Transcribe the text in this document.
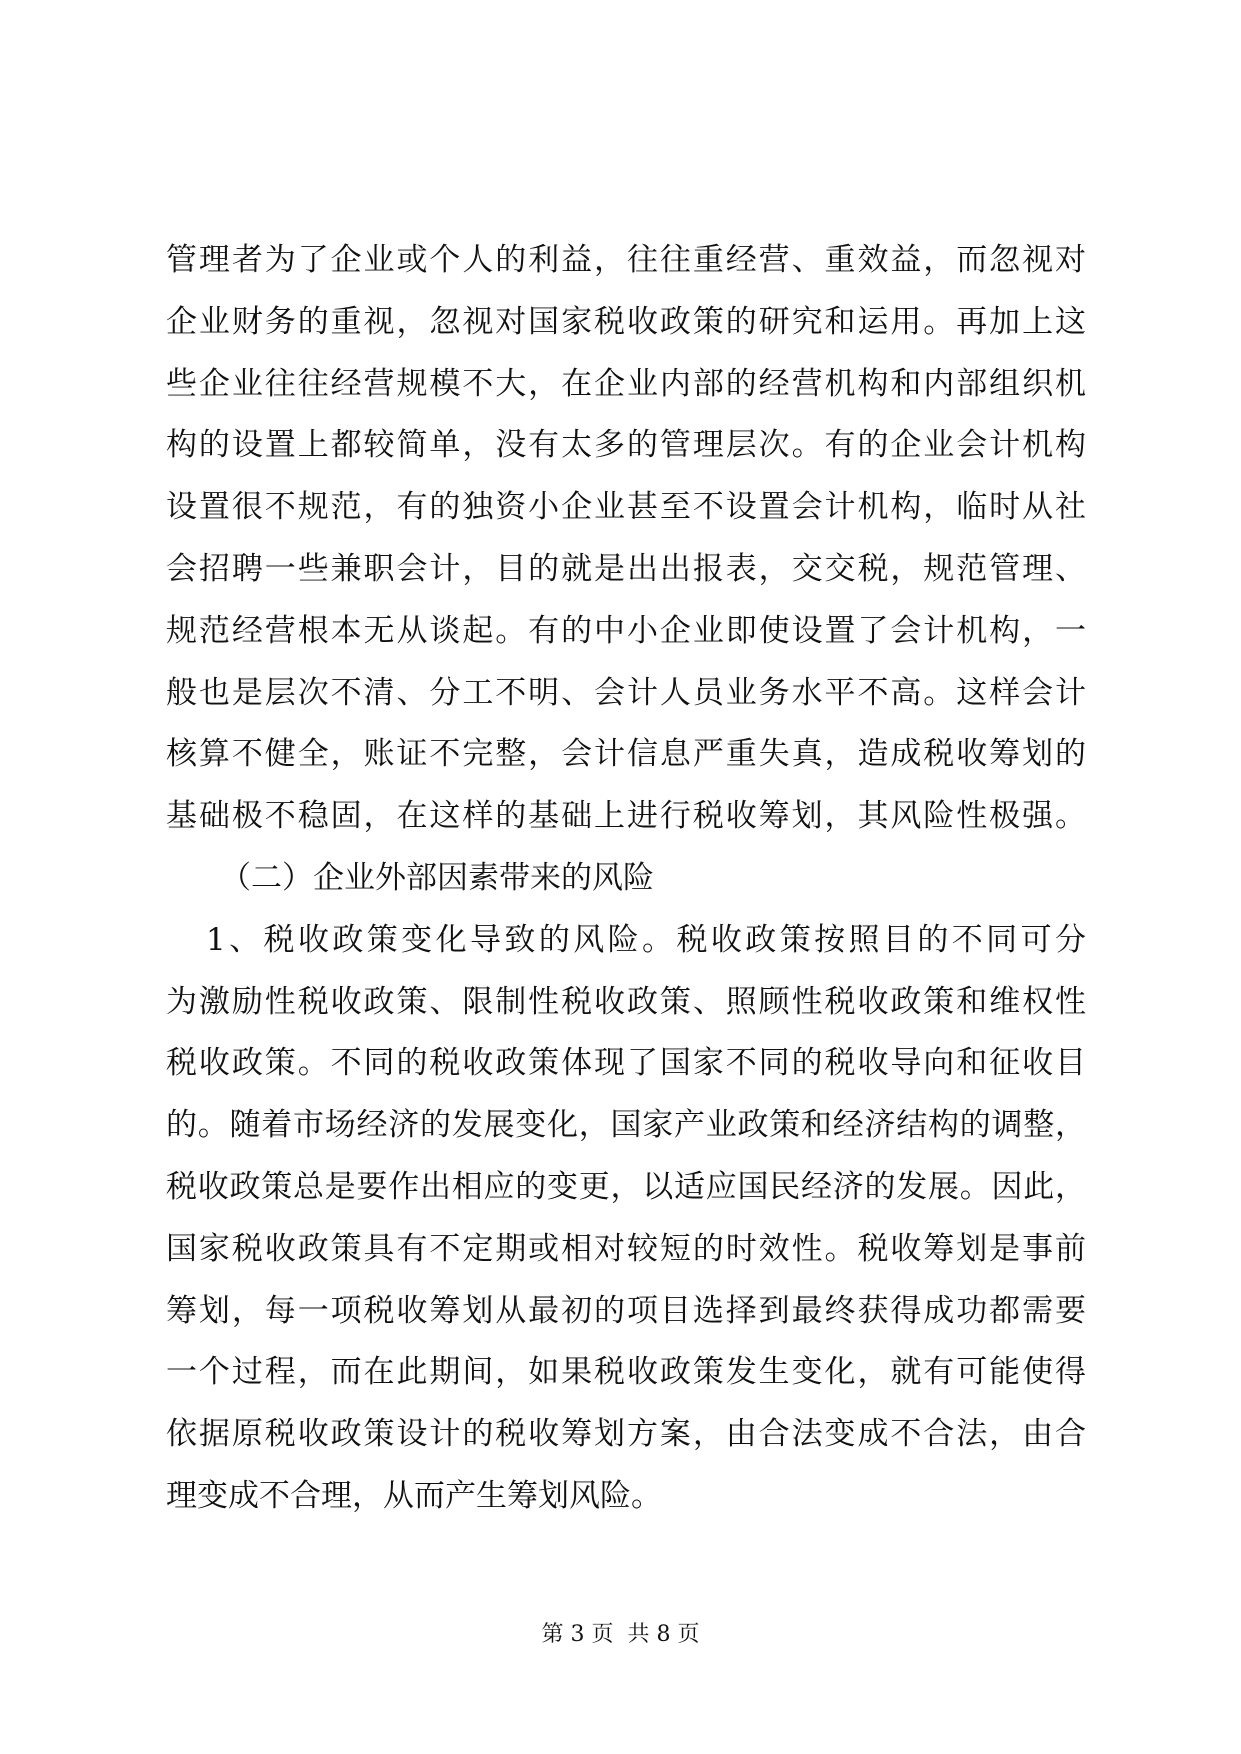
管理者为了企业或个人的利益，往往重经营、重效益，而忽视对
企业财务的重视，忽视对国家税收政策的研究和运用。再加上这
些企业往往经营规模不大，在企业内部的经营机构和内部组织机
构的设置上都较简单，没有太多的管理层次。有的企业会计机构
设置很不规范，有的独资小企业甚至不设置会计机构，临时从社
会招聘一些兼职会计，目的就是出出报表，交交税，规范管理、
规范经营根本无从谈起。有的中小企业即使设置了会计机构，一
般也是层次不清、分工不明、会计人员业务水平不高。这样会计
核算不健全，账证不完整，会计信息严重失真，造成税收筹划的
基础极不稳固，在这样的基础上进行税收筹划，其风险性极强。
（二）企业外部因素带来的风险
1、税收政策变化导致的风险。税收政策按照目的不同可分
为激励性税收政策、限制性税收政策、照顾性税收政策和维权性
税收政策。不同的税收政策体现了国家不同的税收导向和征收目
的。随着市场经济的发展变化，国家产业政策和经济结构的调整，
税收政策总是要作出相应的变更，以适应国民经济的发展。因此，
国家税收政策具有不定期或相对较短的时效性。税收筹划是事前
筹划，每一项税收筹划从最初的项目选择到最终获得成功都需要
一个过程，而在此期间，如果税收政策发生变化，就有可能使得
依据原税收政策设计的税收筹划方案，由合法变成不合法，由合
理变成不合理，从而产生筹划风险。
第 3 页  共 8 页
